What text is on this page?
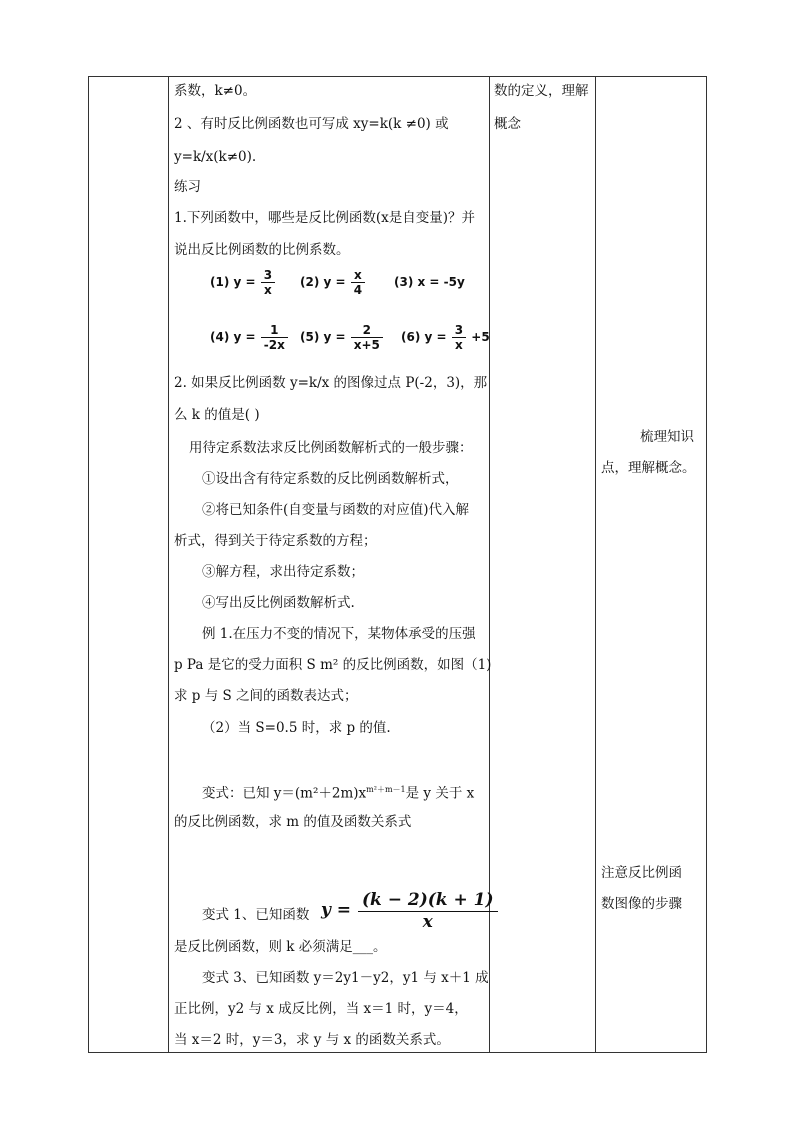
系数，k≠0。
2 、有时反比例函数也可写成 xy=k(k ≠0) 或
y=k/x(k≠0).
练习
1.下列函数中，哪些是反比例函数(x是自变量)？并
说出反比例函数的比例系数。
(1) $y = \frac{3}{x} (2) y = \frac{x}{4} (3) x = -5y$
(4) $y = \frac{1}{-2x} (5) y = \frac{2}{x+5} (6) y = \frac{3}{x} +5$
2. 如果反比例函数 y=k/x 的图像过点 P(-2，3)，那
么 k 的值是( )
用待定系数法求反比例函数解析式的一般步骤：
①设出含有待定系数的反比例函数解析式，
②将已知条件(自变量与函数的对应值)代入解
析式，得到关于待定系数的方程；
③解方程，求出待定系数；
④写出反比例函数解析式.
例 1.在压力不变的情况下，某物体承受的压强
p Pa 是它的受力面积 S m² 的反比例函数，如图（1)
求 p 与 S 之间的函数表达式；
（2）当 S=0.5 时，求 p 的值.
变式：已知 $y=(m^2+2m)x^{m^2+m-1}$是 y 关于 x
的反比例函数，求 m 的值及函数关系式
变式 1、已知函数 $y = \frac{(k - 2)(k + 1)}{x}$
是反比例函数，则 k 必须满足___。
变式 3、已知函数 y＝2y1－y2，y1 与 x＋1 成
正比例，y2 与 x 成反比例，当 x＝1 时，y＝4，
当 x＝2 时，y＝3，求 y 与 x 的函数关系式。
数的定义，理解
概念
梳理知识
点，理解概念。
注意反比例函
数图像的步骤
